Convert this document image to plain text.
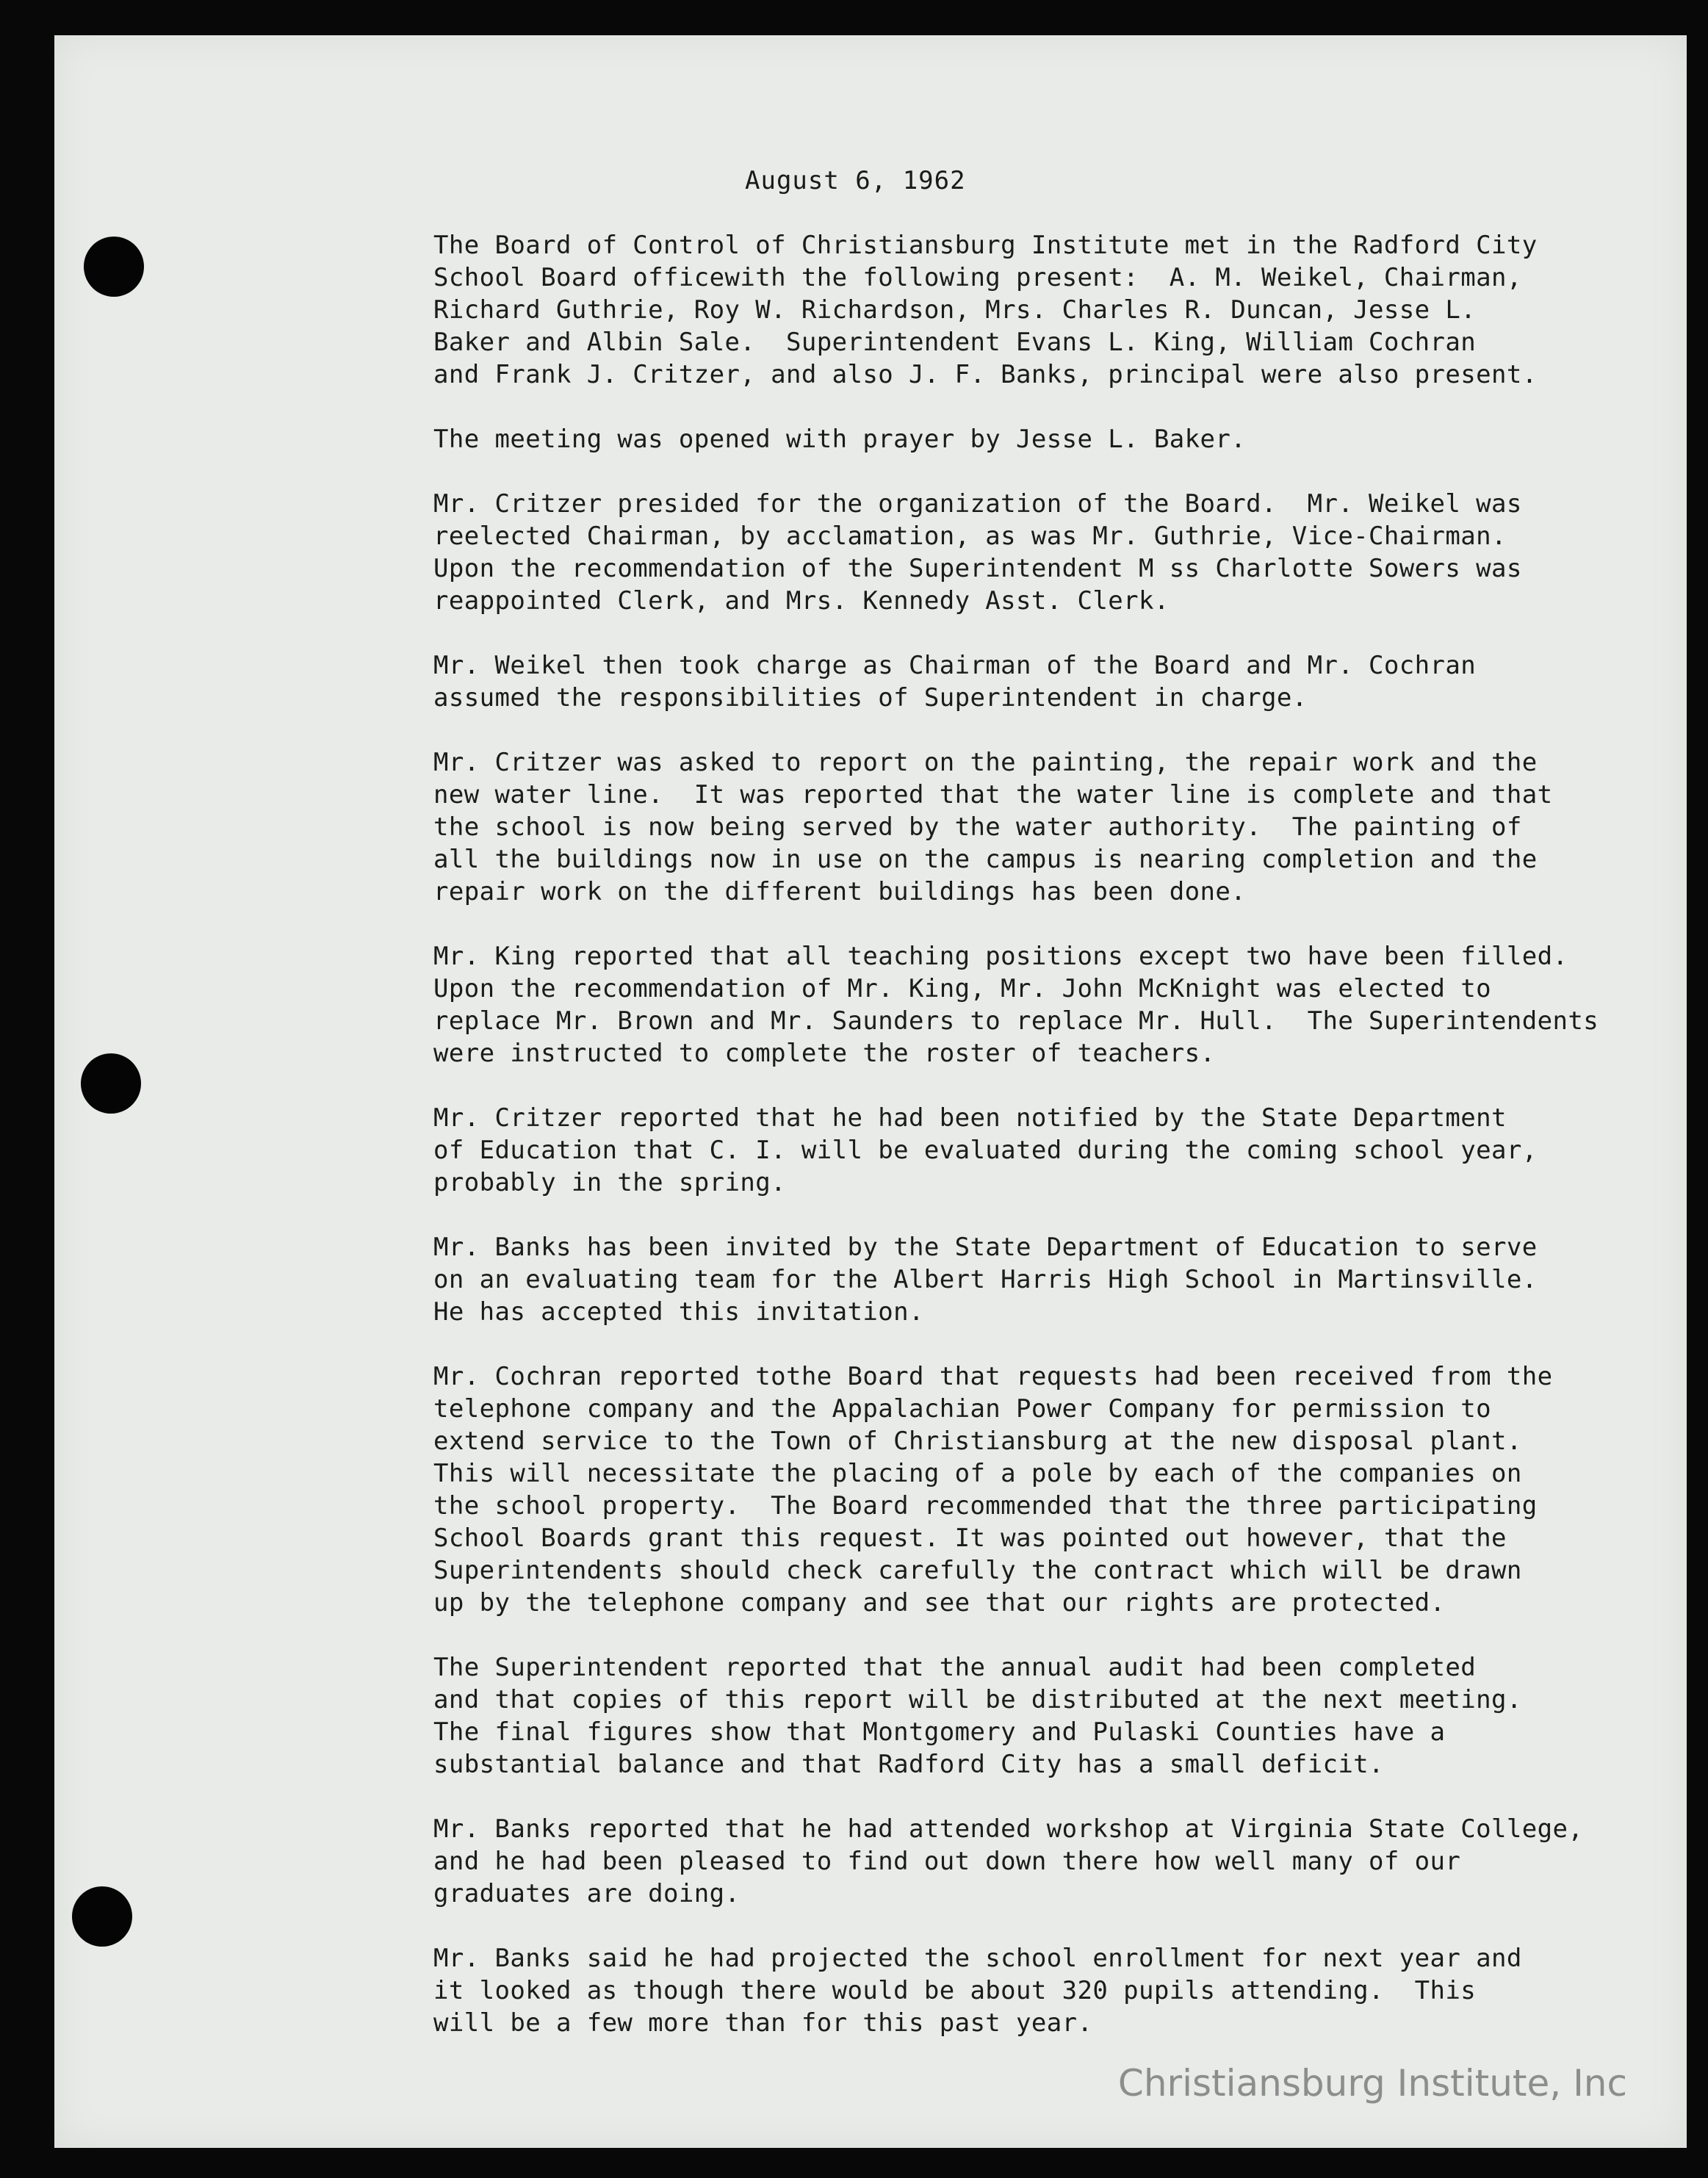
August 6, 1962
The Board of Control of Christiansburg Institute met in the Radford City
School Board officewith the following present:  A. M. Weikel, Chairman,
Richard Guthrie, Roy W. Richardson, Mrs. Charles R. Duncan, Jesse L.
Baker and Albin Sale.  Superintendent Evans L. King, William Cochran
and Frank J. Critzer, and also J. F. Banks, principal were also present.
The meeting was opened with prayer by Jesse L. Baker.
Mr. Critzer presided for the organization of the Board.  Mr. Weikel was
reelected Chairman, by acclamation, as was Mr. Guthrie, Vice-Chairman.
Upon the recommendation of the Superintendent M ss Charlotte Sowers was
reappointed Clerk, and Mrs. Kennedy Asst. Clerk.
Mr. Weikel then took charge as Chairman of the Board and Mr. Cochran
assumed the responsibilities of Superintendent in charge.
Mr. Critzer was asked to report on the painting, the repair work and the
new water line.  It was reported that the water line is complete and that
the school is now being served by the water authority.  The painting of
all the buildings now in use on the campus is nearing completion and the
repair work on the different buildings has been done.
Mr. King reported that all teaching positions except two have been filled.
Upon the recommendation of Mr. King, Mr. John McKnight was elected to
replace Mr. Brown and Mr. Saunders to replace Mr. Hull.  The Superintendents
were instructed to complete the roster of teachers.
Mr. Critzer reported that he had been notified by the State Department
of Education that C. I. will be evaluated during the coming school year,
probably in the spring.
Mr. Banks has been invited by the State Department of Education to serve
on an evaluating team for the Albert Harris High School in Martinsville.
He has accepted this invitation.
Mr. Cochran reported tothe Board that requests had been received from the
telephone company and the Appalachian Power Company for permission to
extend service to the Town of Christiansburg at the new disposal plant.
This will necessitate the placing of a pole by each of the companies on
the school property.  The Board recommended that the three participating
School Boards grant this request. It was pointed out however, that the
Superintendents should check carefully the contract which will be drawn
up by the telephone company and see that our rights are protected.
The Superintendent reported that the annual audit had been completed
and that copies of this report will be distributed at the next meeting.
The final figures show that Montgomery and Pulaski Counties have a
substantial balance and that Radford City has a small deficit.
Mr. Banks reported that he had attended workshop at Virginia State College,
and he had been pleased to find out down there how well many of our
graduates are doing.
Mr. Banks said he had projected the school enrollment for next year and
it looked as though there would be about 320 pupils attending.  This
will be a few more than for this past year.
Christiansburg Institute, Inc
